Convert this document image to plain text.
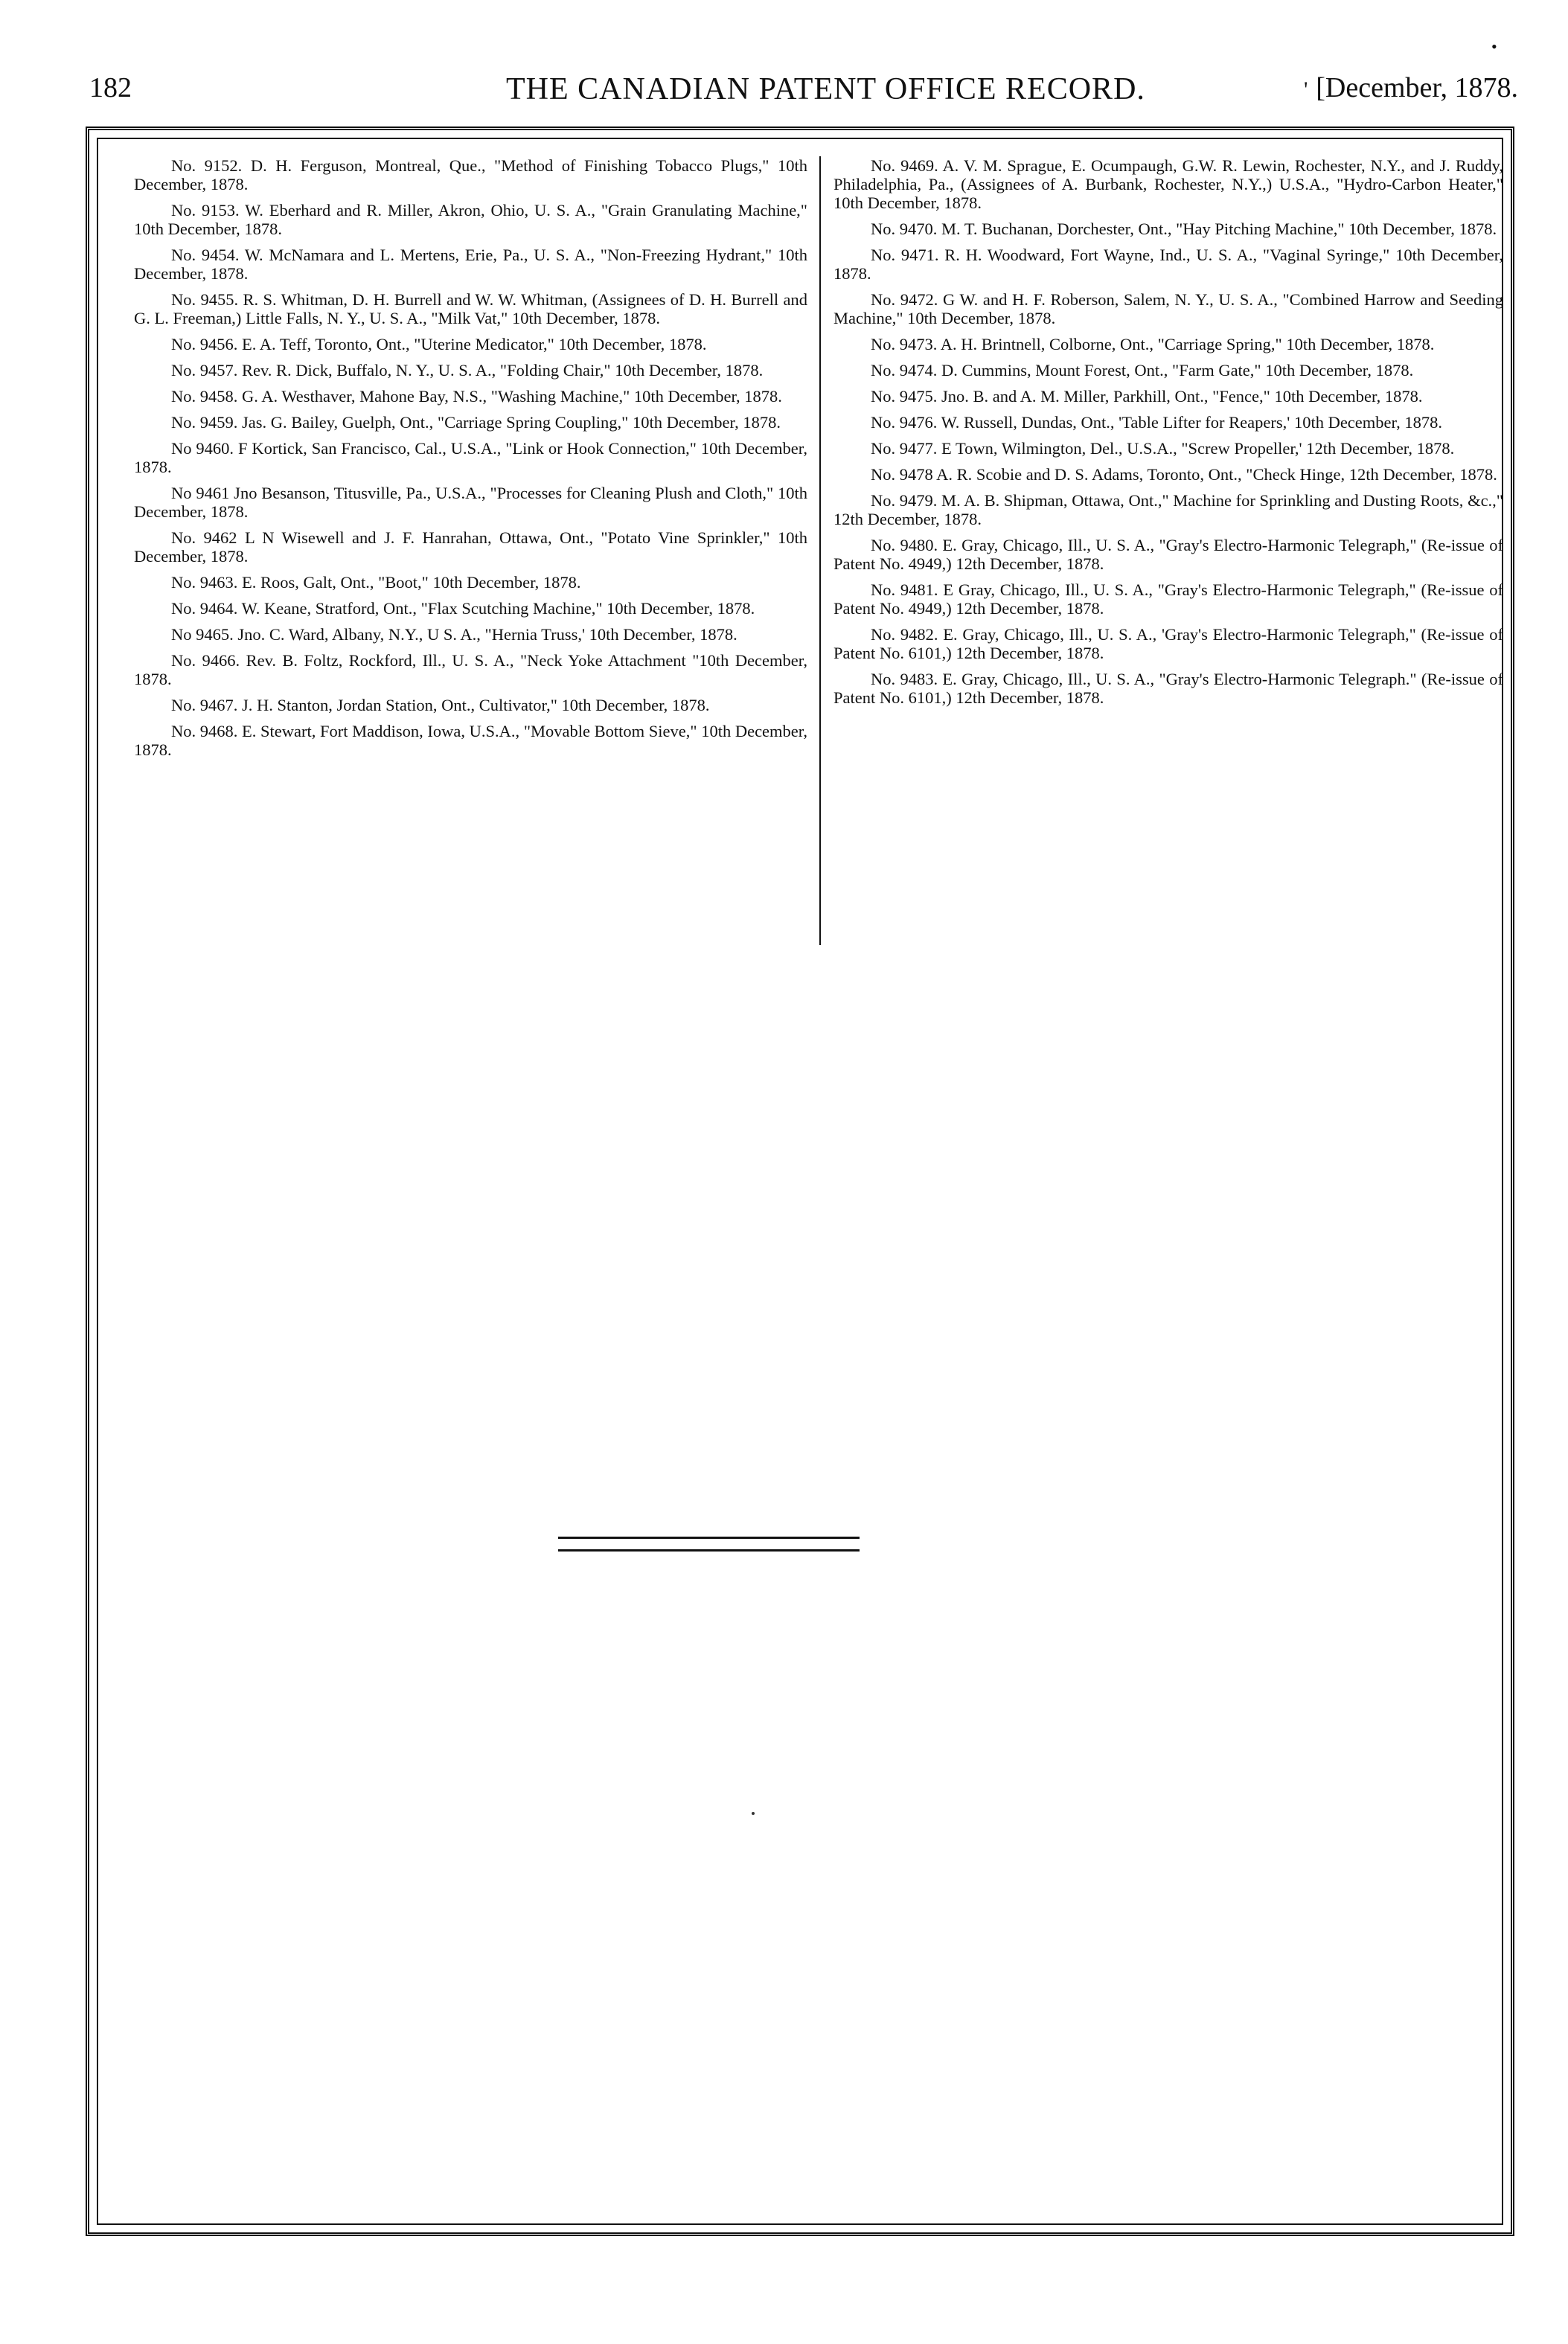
182	THE CANADIAN PATENT OFFICE RECORD.	' [December, 1878.
•

No. 9152. D. H. Ferguson, Montreal, Que., "Method of Finishing Tobacco Plugs," 10th December, 1878.

No. 9153. W. Eberhard and R. Miller, Akron, Ohio, U. S. A., "Grain Granulating Machine," 10th December, 1878.

No. 9454. W. McNamara and L. Mertens, Erie, Pa., U. S. A., "Non-Freezing Hydrant," 10th December, 1878.

No. 9455. R. S. Whitman, D. H. Burrell and W. W. Whitman, (Assignees of D. H. Burrell and G. L. Freeman,) Little Falls, N. Y., U. S. A., "Milk Vat," 10th December, 1878.

No. 9456. E. A. Teff, Toronto, Ont., "Uterine Medicator," 10th December, 1878.

No. 9457. Rev. R. Dick, Buffalo, N. Y., U. S. A., "Folding Chair," 10th December, 1878.

No. 9458. G. A. Westhaver, Mahone Bay, N.S., "Washing Machine," 10th December, 1878.

No. 9459. Jas. G. Bailey, Guelph, Ont., "Carriage Spring Coupling," 10th December, 1878.

No 9460. F Kortick, San Francisco, Cal., U.S.A., "Link or Hook Connection," 10th December, 1878.

No 9461 Jno Besanson, Titusville, Pa., U.S.A., "Processes for Cleaning Plush and Cloth," 10th December, 1878.

No. 9462 L N Wisewell and J. F. Hanrahan, Ottawa, Ont., "Potato Vine Sprinkler," 10th December, 1878.

No. 9463. E. Roos, Galt, Ont., "Boot," 10th December, 1878.

No. 9464. W. Keane, Stratford, Ont., "Flax Scutching Machine," 10th December, 1878.

No 9465. Jno. C. Ward, Albany, N.Y., U S. A., "Hernia Truss,' 10th December, 1878.

No. 9466. Rev. B. Foltz, Rockford, Ill., U. S. A., "Neck Yoke Attachment "10th December, 1878.

No. 9467. J. H. Stanton, Jordan Station, Ont., Cultivator," 10th December, 1878.

No. 9468. E. Stewart, Fort Maddison, Iowa, U.S.A., "Movable Bottom Sieve," 10th December, 1878.

No. 9469. A. V. M. Sprague, E. Ocumpaugh, G.W. R. Lewin, Rochester, N.Y., and J. Ruddy, Philadelphia, Pa., (Assignees of A. Burbank, Rochester, N.Y.,) U.S.A., "Hydro-Carbon Heater," 10th December, 1878.

No. 9470. M. T. Buchanan, Dorchester, Ont., "Hay Pitching Machine," 10th December, 1878.

No. 9471. R. H. Woodward, Fort Wayne, Ind., U. S. A., "Vaginal Syringe," 10th December, 1878.

No. 9472. G W. and H. F. Roberson, Salem, N. Y., U. S. A., "Combined Harrow and Seeding Machine," 10th December, 1878.

No. 9473. A. H. Brintnell, Colborne, Ont., "Carriage Spring," 10th December, 1878.

No. 9474. D. Cummins, Mount Forest, Ont., "Farm Gate," 10th December, 1878.

No. 9475. Jno. B. and A. M. Miller, Parkhill, Ont., "Fence," 10th December, 1878.

No. 9476. W. Russell, Dundas, Ont., 'Table Lifter for Reapers,' 10th December, 1878.

No. 9477. E Town, Wilmington, Del., U.S.A., "Screw Propeller,' 12th December, 1878.

No. 9478 A. R. Scobie and D. S. Adams, Toronto, Ont., "Check Hinge, 12th December, 1878.

No. 9479. M. A. B. Shipman, Ottawa, Ont.," Machine for Sprinkling and Dusting Roots, &c.," 12th December, 1878.

No. 9480. E. Gray, Chicago, Ill., U. S. A., "Gray's Electro-Harmonic Telegraph," (Re-issue of Patent No. 4949,) 12th December, 1878.

No. 9481. E Gray, Chicago, Ill., U. S. A., "Gray's Electro-Harmonic Telegraph," (Re-issue of Patent No. 4949,) 12th December, 1878.

No. 9482. E. Gray, Chicago, Ill., U. S. A., 'Gray's Electro-Harmonic Telegraph," (Re-issue of Patent No. 6101,) 12th December, 1878.

No. 9483. E. Gray, Chicago, Ill., U. S. A., "Gray's Electro-Harmonic Telegraph." (Re-issue of Patent No. 6101,) 12th December, 1878.
